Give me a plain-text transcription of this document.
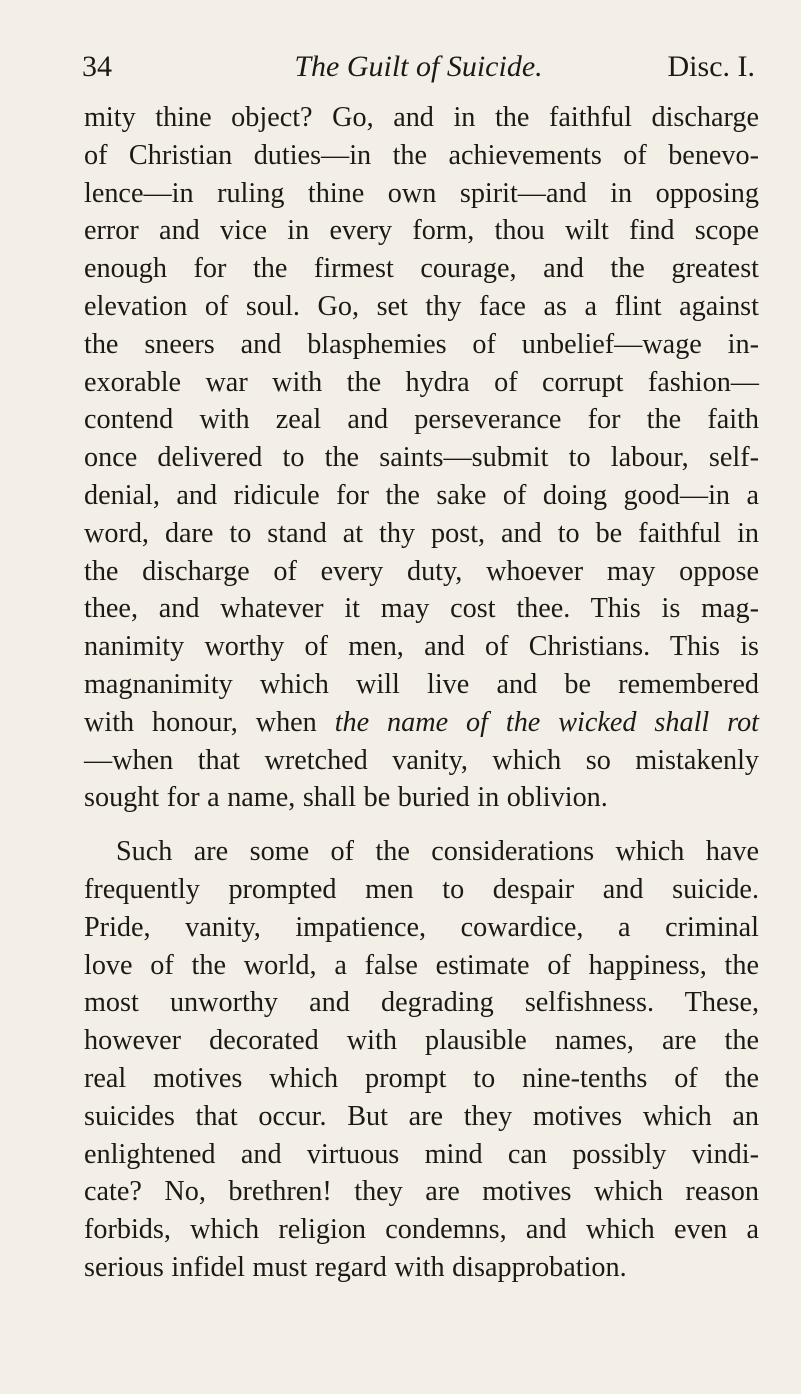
34	The Guilt of Suicide.	Disc. I.

mity thine object? Go, and in the faithful discharge
of Christian duties—in the achievements of benevo-
lence—in ruling thine own spirit—and in opposing
error and vice in every form, thou wilt find scope
enough for the firmest courage, and the greatest
elevation of soul. Go, set thy face as a flint against
the sneers and blasphemies of unbelief—wage in-
exorable war with the hydra of corrupt fashion—
contend with zeal and perseverance for the faith
once delivered to the saints—submit to labour, self-
denial, and ridicule for the sake of doing good—in a
word, dare to stand at thy post, and to be faithful in
the discharge of every duty, whoever may oppose
thee, and whatever it may cost thee. This is mag-
nanimity worthy of men, and of Christians. This is
magnanimity which will live and be remembered
with honour, when the name of the wicked shall rot
—when that wretched vanity, which so mistakenly
sought for a name, shall be buried in oblivion.

Such are some of the considerations which have
frequently prompted men to despair and suicide.
Pride, vanity, impatience, cowardice, a criminal
love of the world, a false estimate of happiness, the
most unworthy and degrading selfishness. These,
however decorated with plausible names, are the
real motives which prompt to nine-tenths of the
suicides that occur. But are they motives which an
enlightened and virtuous mind can possibly vindi-
cate? No, brethren! they are motives which reason
forbids, which religion condemns, and which even a
serious infidel must regard with disapprobation.
